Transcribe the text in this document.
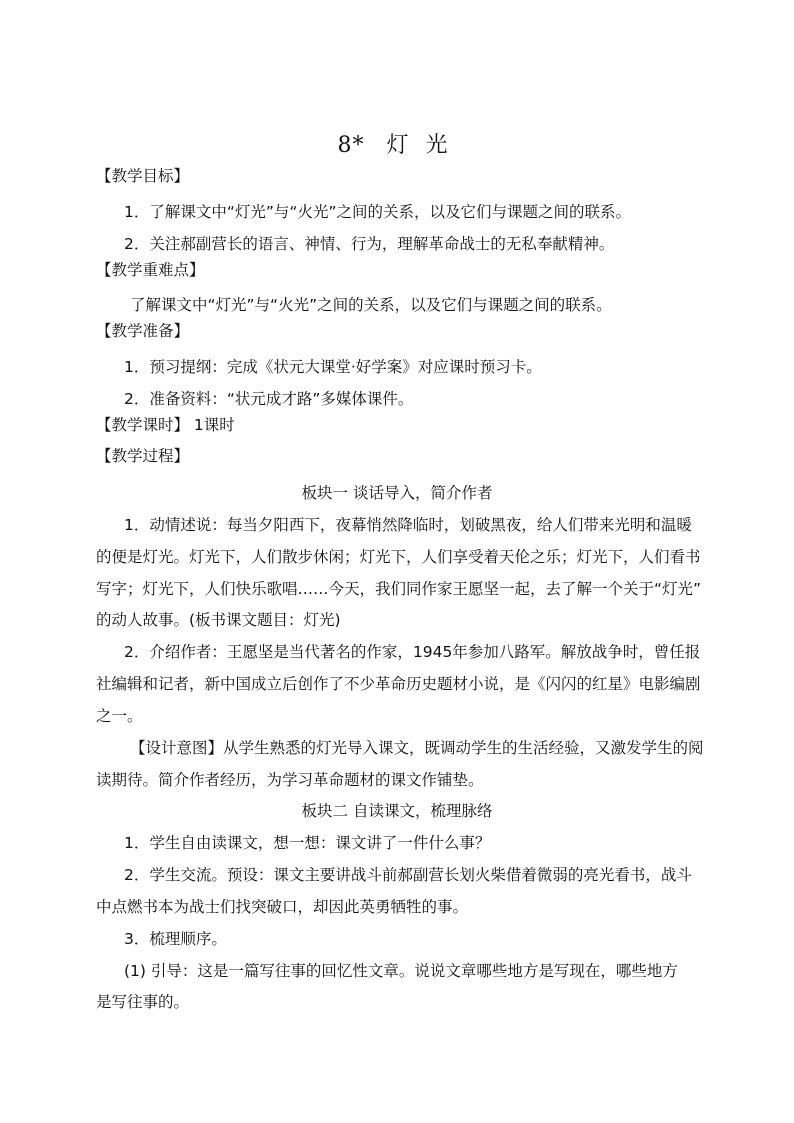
8* 灯 光
【教学目标】
1．了解课文中“灯光”与“火光”之间的关系，以及它们与课题之间的联系。
2．关注郝副营长的语言、神情、行为，理解革命战士的无私奉献精神。
【教学重难点】
了解课文中“灯光”与“火光”之间的关系，以及它们与课题之间的联系。
【教学准备】
1．预习提纲：完成《状元大课堂·好学案》对应课时预习卡。
2．准备资料：“状元成才路”多媒体课件。
【教学课时】 1课时
【教学过程】
板块一 谈话导入，简介作者
1．动情述说：每当夕阳西下，夜幕悄然降临时，划破黑夜，给人们带来光明和温暖
的便是灯光。灯光下，人们散步休闲；灯光下，人们享受着天伦之乐；灯光下，人们看书
写字；灯光下，人们快乐歌唱……今天，我们同作家王愿坚一起，去了解一个关于“灯光”
的动人故事。(板书课文题目：灯光)
2．介绍作者：王愿坚是当代著名的作家，1945年参加八路军。解放战争时，曾任报
社编辑和记者，新中国成立后创作了不少革命历史题材小说，是《闪闪的红星》电影编剧
之一。
【设计意图】从学生熟悉的灯光导入课文，既调动学生的生活经验，又激发学生的阅
读期待。简介作者经历，为学习革命题材的课文作铺垫。
板块二 自读课文，梳理脉络
1．学生自由读课文，想一想：课文讲了一件什么事？
2．学生交流。预设：课文主要讲战斗前郝副营长划火柴借着微弱的亮光看书，战斗
中点燃书本为战士们找突破口，却因此英勇牺牲的事。
3．梳理顺序。
(1) 引导：这是一篇写往事的回忆性文章。说说文章哪些地方是写现在，哪些地方
是写往事的。
